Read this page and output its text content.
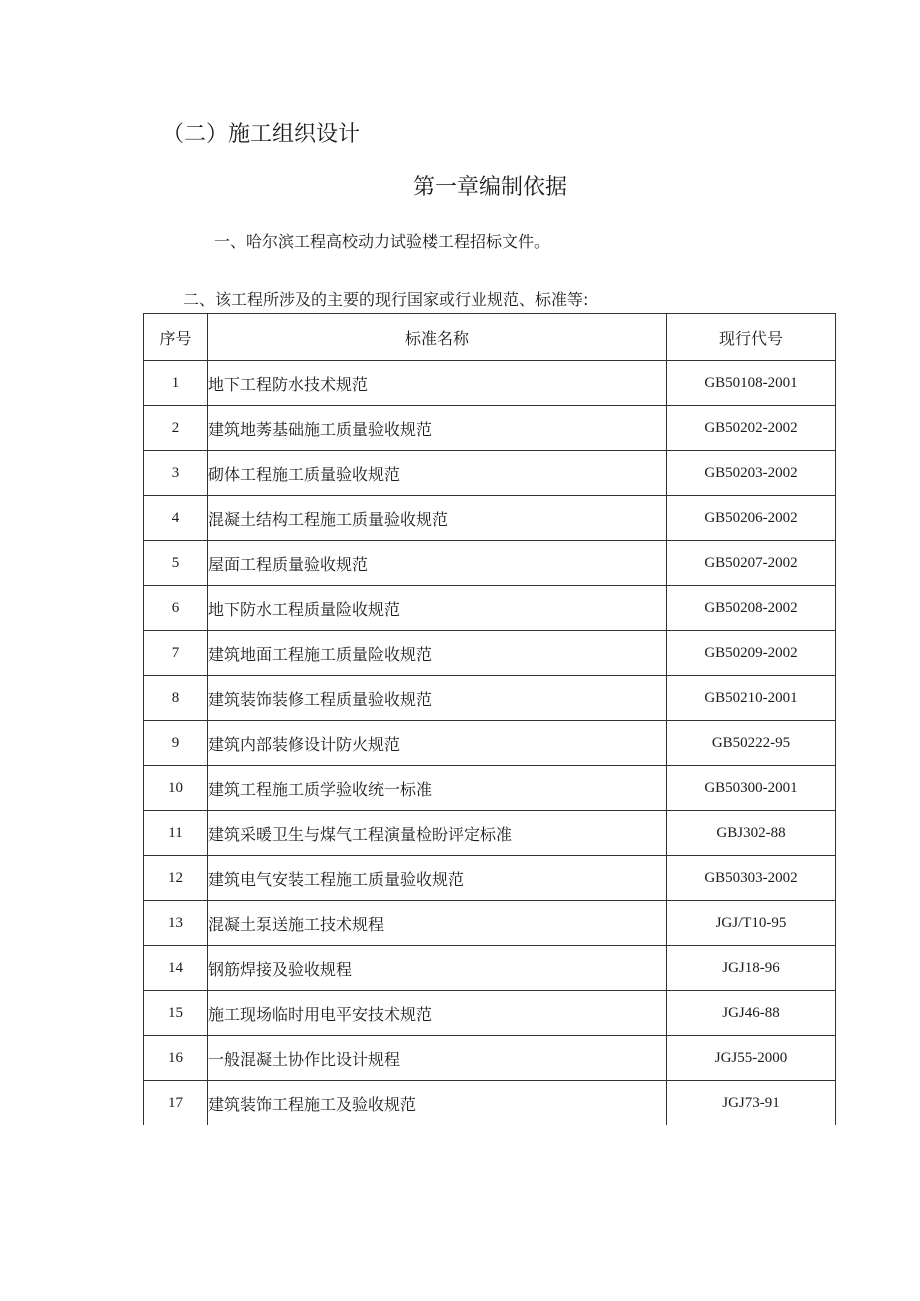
（二）施工组织设计
第一章编制依据
一、哈尔滨工程高校动力试验楼工程招标文件。
二、该工程所涉及的主要的现行国家或行业规范、标准等:
序号	标准名称	现行代号
1	地下工程防水技术规范	GB50108-2001
2	建筑地莠基础施工质量验收规范	GB50202-2002
3	砌体工程施工质量验收规范	GB50203-2002
4	混凝土结构工程施工质量验收规范	GB50206-2002
5	屋面工程质量验收规范	GB50207-2002
6	地下防水工程质量险收规范	GB50208-2002
7	建筑地面工程施工质量险收规范	GB50209-2002
8	建筑装饰装修工程质量验收规范	GB50210-2001
9	建筑内部装修设计防火规范	GB50222-95
10	建筑工程施工质学验收统一标准	GB50300-2001
11	建筑采暖卫生与煤气工程演量检盼评定标准	GBJ302-88
12	建筑电气安装工程施工质量验收规范	GB50303-2002
13	混凝土泵送施工技术规程	JGJ/T10-95
14	钢筋焊接及验收规程	JGJ18-96
15	施工现场临时用电平安技术规范	JGJ46-88
16	一般混凝土协作比设计规程	JGJ55-2000
17	建筑装饰工程施工及验收规范	JGJ73-91
